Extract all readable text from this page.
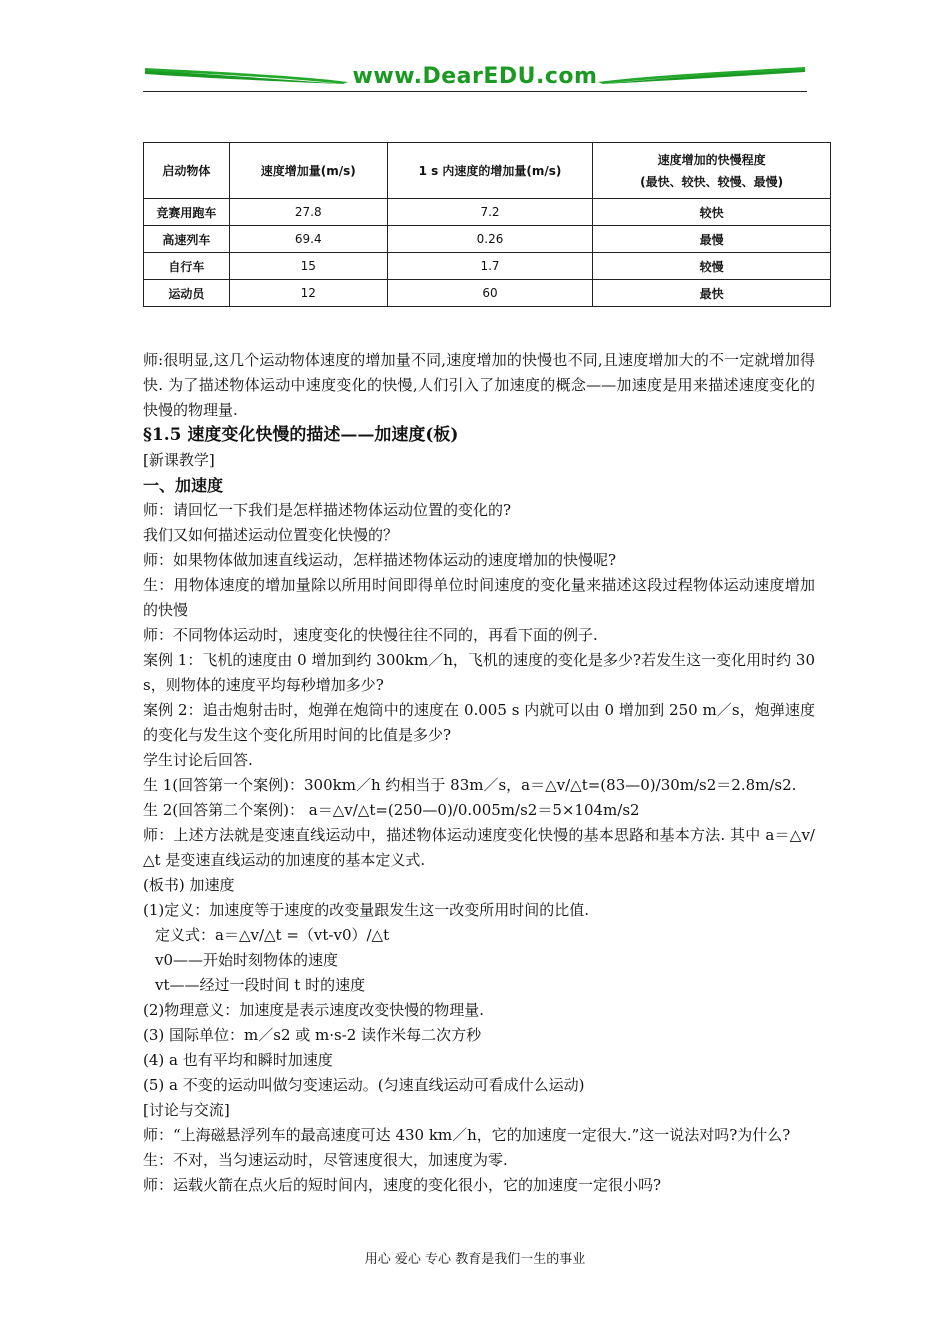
www.DearEDU.com
启动物体	速度增加量(m/s)	1 s 内速度的增加量(m/s)	速度增加的快慢程度
(最快、较快、较慢、最慢)

竞赛用跑车	27.8	7.2	较快
高速列车	69.4	0.26	最慢
自行车	15	1.7	较慢
运动员	12	60	最快

师:很明显,这几个运动物体速度的增加量不同,速度增加的快慢也不同,且速度增加大的不一定就增加得快. 为了描述物体运动中速度变化的快慢,人们引入了加速度的概念——加速度是用来描述速度变化的快慢的物理量.

§1.5 速度变化快慢的描述——加速度(板)

[新课教学]

一、加速度

师：请回忆一下我们是怎样描述物体运动位置的变化的?

我们又如何描述运动位置变化快慢的？

师：如果物体做加速直线运动，怎样描述物体运动的速度增加的快慢呢?

生：用物体速度的增加量除以所用时间即得单位时间速度的变化量来描述这段过程物体运动速度增加的快慢

师：不同物体运动时，速度变化的快慢往往不同的，再看下面的例子.

案例 1：飞机的速度由 0 增加到约 300km／h，飞机的速度的变化是多少?若发生这一变化用时约 30 s，则物体的速度平均每秒增加多少?

案例 2：追击炮射击时，炮弹在炮筒中的速度在 0.005 s 内就可以由 0 增加到 250 m／s，炮弹速度的变化与发生这个变化所用时间的比值是多少?

学生讨论后回答.

生 1(回答第一个案例)：300km／h 约相当于 83m／s，a＝△v/△t=(83—0)/30m/s2＝2.8m/s2.

生 2(回答第二个案例)： a＝△v/△t=(250—0)/0.005m/s2＝5×104m/s2

师：上述方法就是变速直线运动中，描述物体运动速度变化快慢的基本思路和基本方法. 其中 a＝△v/△t 是变速直线运动的加速度的基本定义式.

(板书) 加速度

(1)定义：加速度等于速度的改变量跟发生这一改变所用时间的比值.

定义式：a＝△v/△t =（vt-v0）/△t

v0——开始时刻物体的速度

vt——经过一段时间 t 时的速度

(2)物理意义：加速度是表示速度改变快慢的物理量.

(3) 国际单位：m／s2 或 m·s-2 读作米每二次方秒

(4) a 也有平均和瞬时加速度

(5) a 不变的运动叫做匀变速运动。(匀速直线运动可看成什么运动)

[讨论与交流]

师：“上海磁悬浮列车的最高速度可达 430 km／h，它的加速度一定很大.”这一说法对吗?为什么?

生：不对，当匀速运动时，尽管速度很大，加速度为零.

师：运载火箭在点火后的短时间内，速度的变化很小，它的加速度一定很小吗?

用心 爱心 专心 教育是我们一生的事业
